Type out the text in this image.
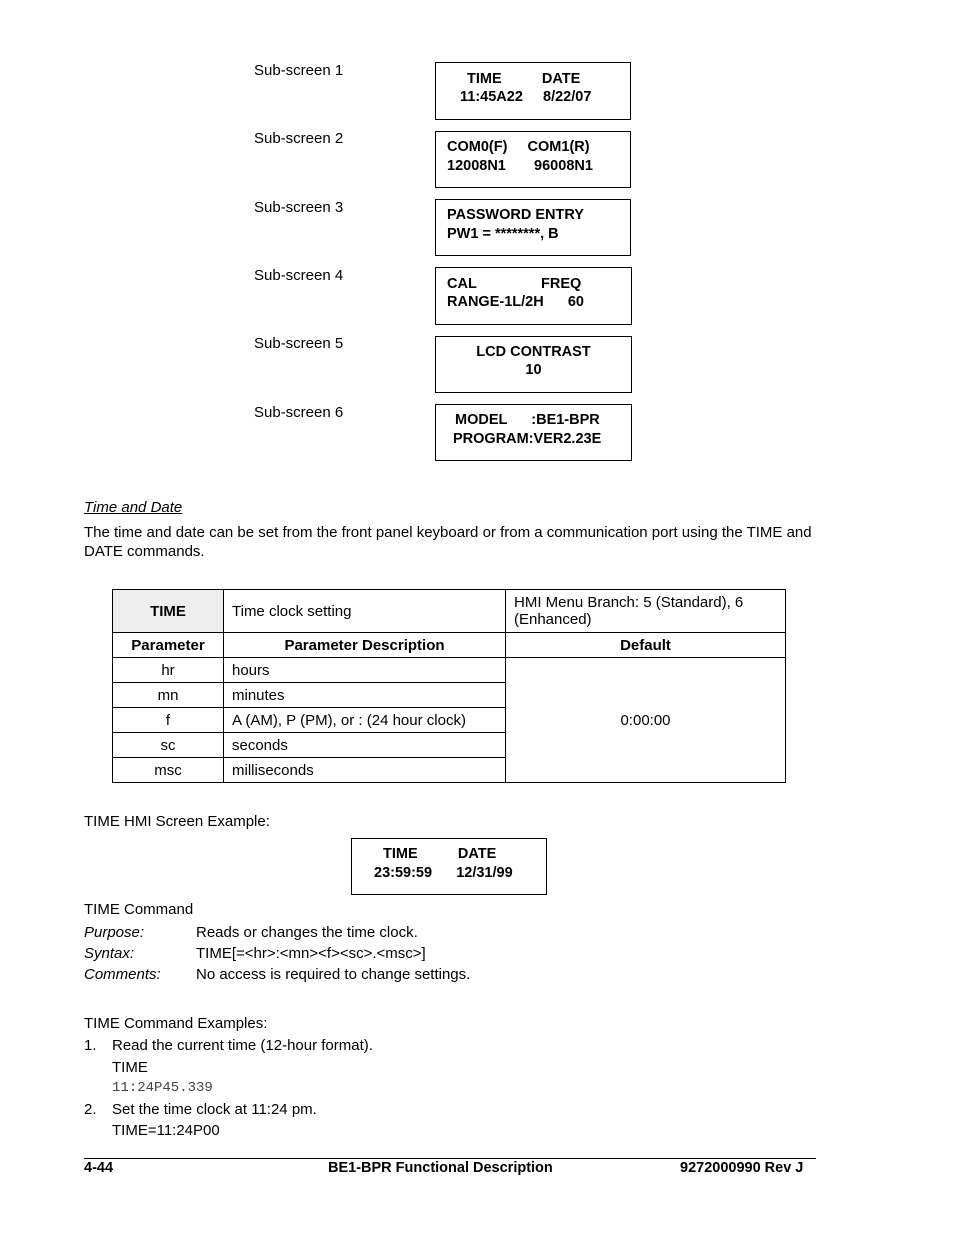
Sub-screen 1	TIME          DATE
11:45A22     8/22/07
Sub-screen 2	COM0(F)     COM1(R)
12008N1       96008N1
Sub-screen 3	PASSWORD ENTRY
PW1 = ********, B
Sub-screen 4	CAL                FREQ
RANGE-1L/2H      60
Sub-screen 5	LCD CONTRAST
10
Sub-screen 6	MODEL      :BE1-BPR
PROGRAM:VER2.23E
Time and Date
The time and date can be set from the front panel keyboard or from a communication port using the TIME and DATE commands.
TIME	Time clock setting	HMI Menu Branch: 5 (Standard), 6 (Enhanced)
Parameter	Parameter Description	Default
hr	hours	0:00:00
mn	minutes	
f	A (AM), P (PM), or : (24 hour clock)	
sc	seconds	
msc	milliseconds	
TIME HMI Screen Example:
TIME          DATE
23:59:59      12/31/99
TIME Command
Purpose:	Reads or changes the time clock.
Syntax:	TIME[=<hr>:<mn><f><sc>.<msc>]
Comments: No access is required to change settings.
TIME Command Examples:
1. Read the current time (12-hour format).
TIME
11:24P45.339
2. Set the time clock at 11:24 pm.
TIME=11:24P00
4-44	BE1-BPR Functional Description	9272000990 Rev J
